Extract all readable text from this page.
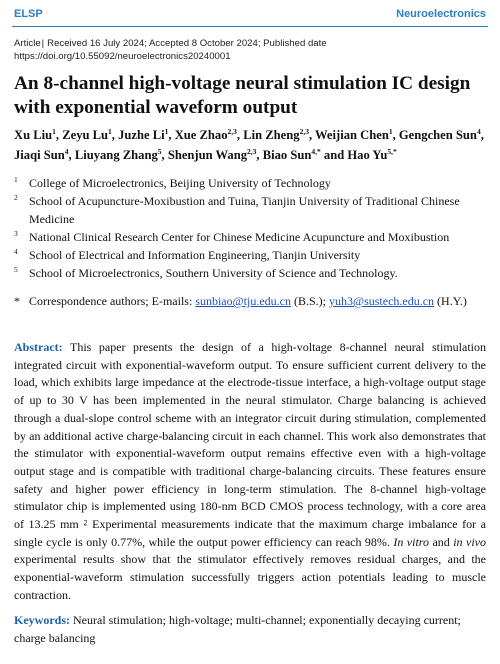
ELSP	Neuroelectronics
Article| Received 16 July 2024; Accepted 8 October 2024; Published date
https://doi.org/10.55092/neuroelectronics20240001
An 8-channel high-voltage neural stimulation IC design with exponential waveform output
Xu Liu$^1$, Zeyu Lu$^1$, Juzhe Li$^1$, Xue Zhao$^{2,3}$, Lin Zheng$^{2,3}$, Weijian Chen$^1$, Gengchen Sun$^4$, Jiaqi Sun$^4$, Liuyang Zhang$^5$, Shenjun Wang$^{2,3}$, Biao Sun$^{4,*}$ and Hao $Yu^{5,*}$
1 College of Microelectronics, Beijing University of Technology
2 School of Acupuncture-Moxibustion and Tuina, Tianjin University of Traditional Chinese Medicine
3 National Clinical Research Center for Chinese Medicine Acupuncture and Moxibustion
4 School of Electrical and Information Engineering, Tianjin University
5 School of Microelectronics, Southern University of Science and Technology.
* Correspondence authors; E-mails: sunbiao@tju.edu.cn (B.S.); yuh3@sustech.edu.cn (H.Y.)

Abstract: This paper presents the design of a high-voltage 8-channel neural stimulation integrated circuit with exponential-waveform output. To ensure sufficient current delivery to the load, which exhibits large impedance at the electrode-tissue interface, a high-voltage output stage of up to 30 V has been implemented in the neural stimulator. Charge balancing is achieved through a dual-slope control scheme with an integrator circuit during stimulation, complemented by an additional active charge-balancing circuit in each channel. This work also demonstrates that the stimulator with exponential-waveform output remains effective even with a high-voltage output stage and is compatible with traditional charge-balancing circuits. These features ensure safety and higher power efficiency in long-term stimulation. The 8-channel high-voltage stimulator chip is implemented using 180-nm BCD CMOS process technology, with a core area of 13.25 mm ⁲ Experimental measurements indicate that the maximum charge imbalance for a single cycle is only 0.77%, while the output power efficiency can reach 98%. In vitro and in vivo experimental results show that the stimulator effectively removes residual charges, and the exponential-waveform stimulation successfully triggers action potentials leading to muscle contraction.

Keywords: Neural stimulation; high-voltage; multi-channel; exponentially decaying current; charge balancing
